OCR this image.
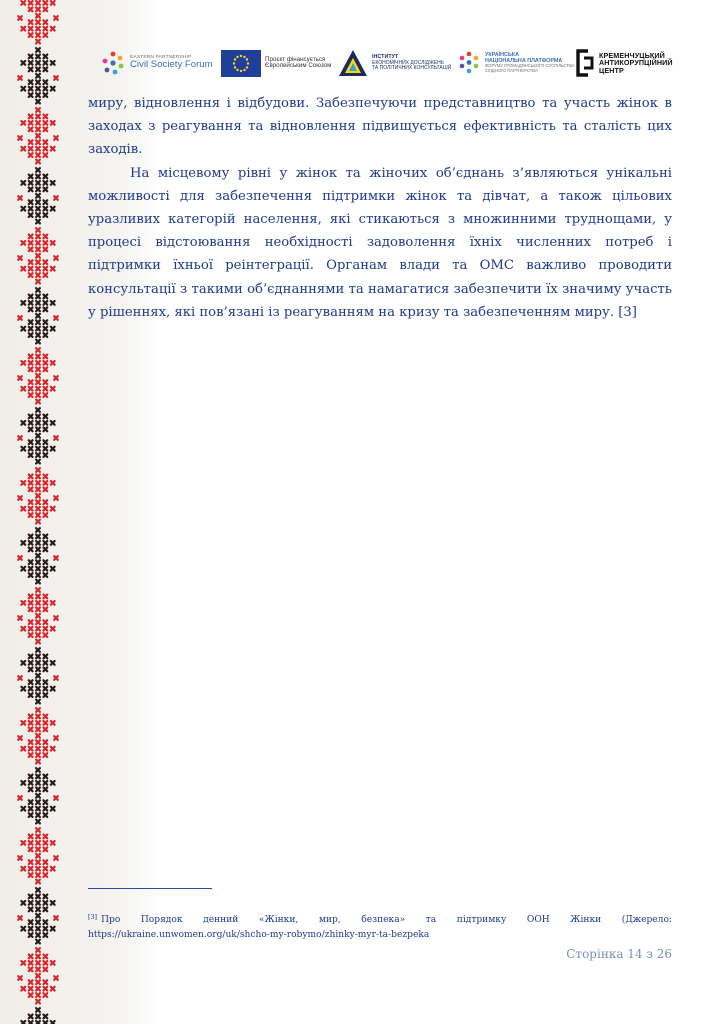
EASTERN PARTNERSHIP
Civil Society Forum
Проєкт фінансується
Європейським Союзом
ІНСТИТУТ
ЕКОНОМІЧНИХ ДОСЛІДЖЕНЬ
ТА ПОЛІТИЧНИХ КОНСУЛЬТАЦІЙ
УКРАЇНСЬКА
НАЦІОНАЛЬНА ПЛАТФОРМА
ФОРУМУ ГРОМАДЯНСЬКОГО СУСПІЛЬСТВА
СХІДНОГО ПАРТНЕРСТВА
КРЕМЕНЧУЦЬКИЙ
АНТИКОРУПЦІЙНИЙ
ЦЕНТР

миру, відновлення і відбудови. Забезпечуючи представництво та участь жінок в заходах з реагування та відновлення підвищується ефективність та сталість цих заходів.

На місцевому рівні у жінок та жіночих об’єднань з’являються унікальні можливості для забезпечення підтримки жінок та дівчат, а також цільових уразливих категорій населення, які стикаються з множинними труднощами, у процесі відстоювання необхідності задоволення їхніх численних потреб і підтримки їхньої реінтеграції. Органам влади та ОМС важливо проводити консультації з такими об’єднаннями та намагатися забезпечити їх значиму участь у рішеннях, які пов’язані із реагуванням на кризу та забезпеченням миру. [3]

[3] Про Порядок денний «Жінки, мир, безпека» та підтримку ООН Жінки (Джерело: https://ukraine.unwomen.org/uk/shcho-my-robymo/zhinky-myr-ta-bezpeka
Сторінка 14 з 26
